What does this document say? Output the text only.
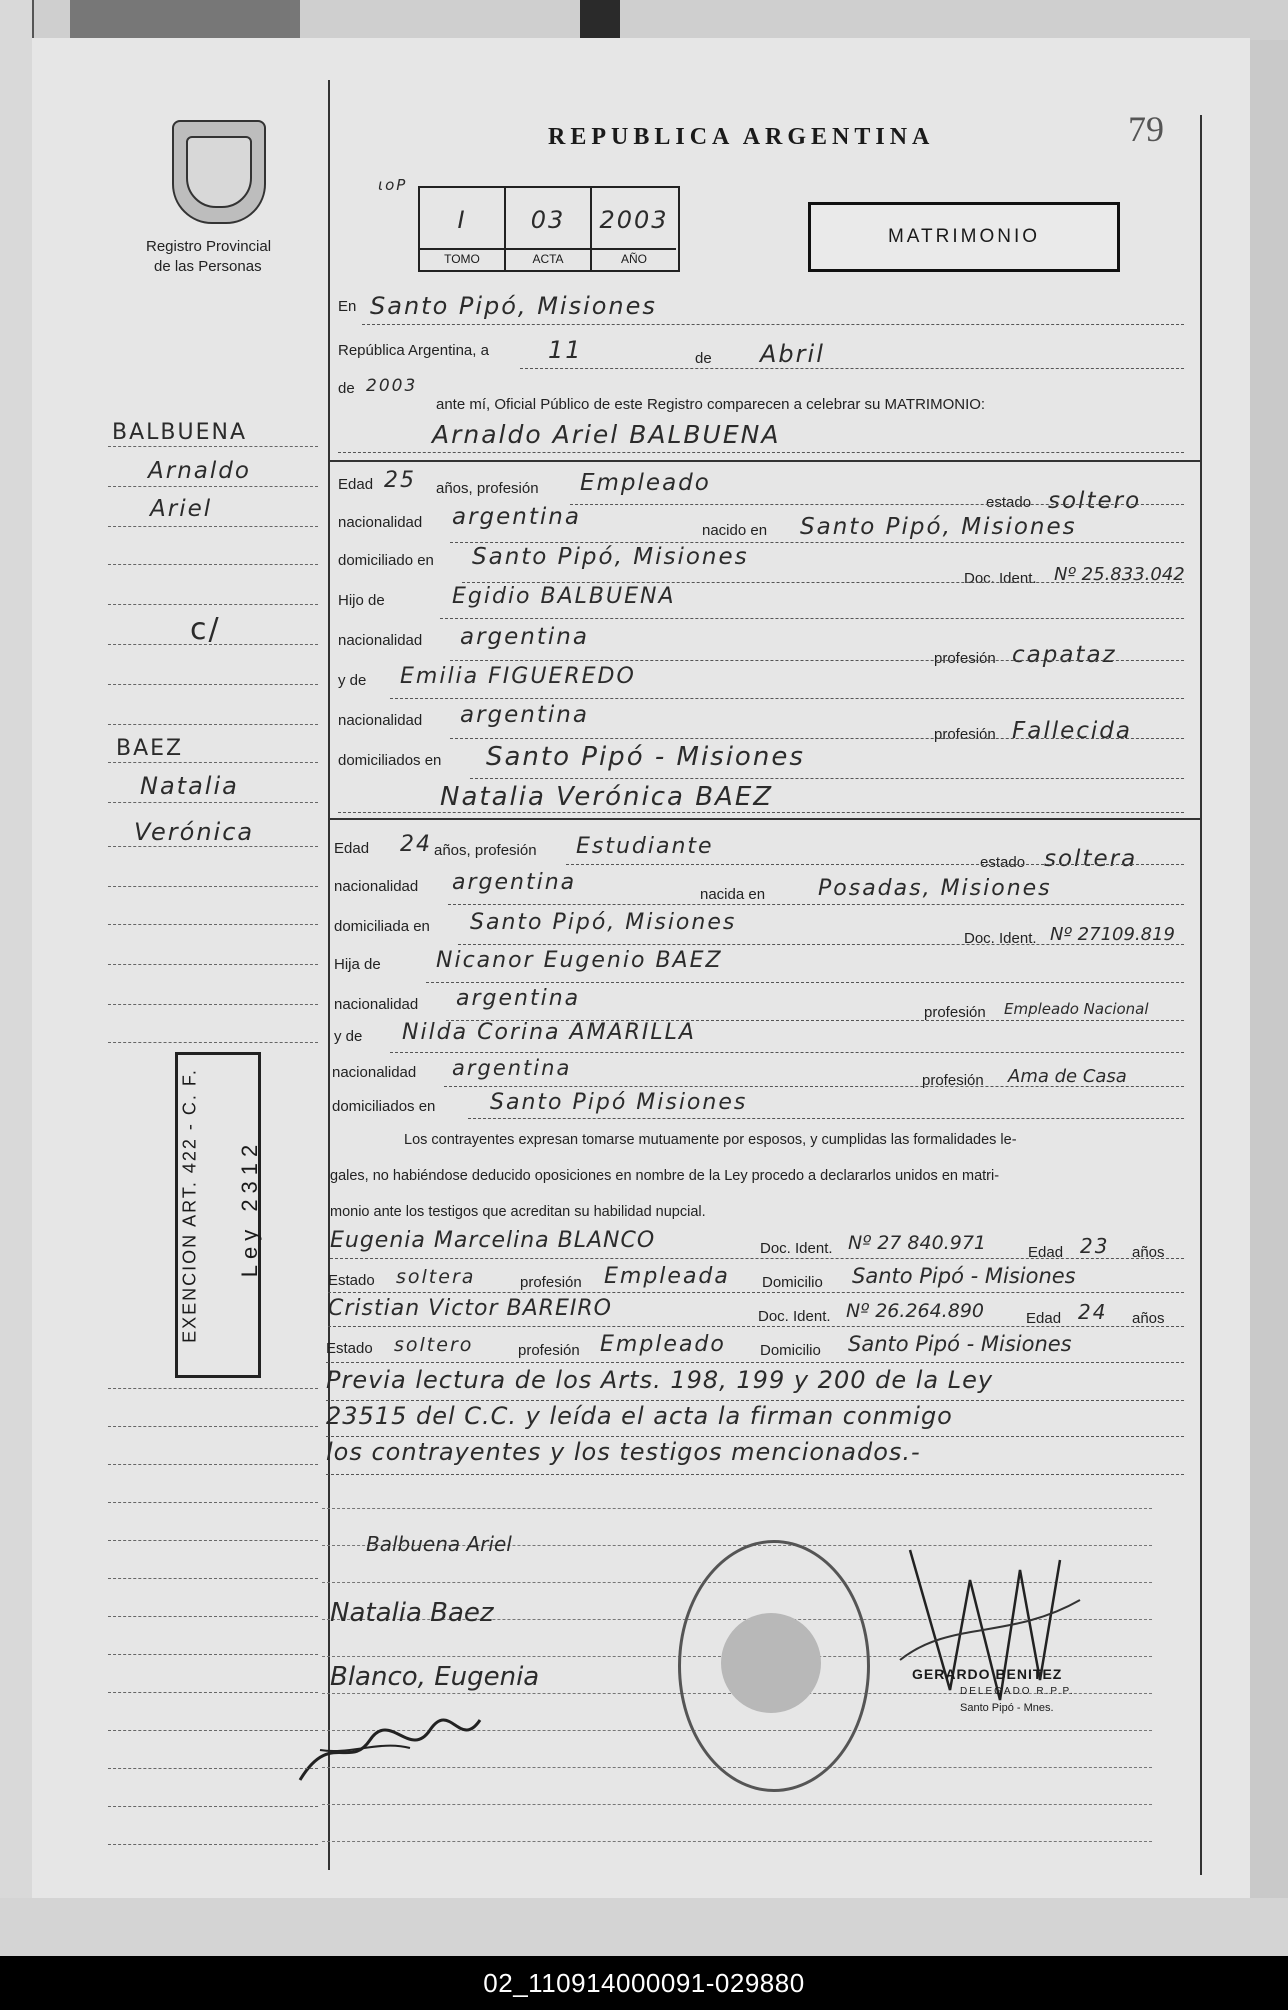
Registro Provincial
de las Personas
REPUBLICA ARGENTINA	79
ιoP
I
TOMO
03
ACTA
2003
AÑO
MATRIMONIO
En Santo Pipó, Misiones
República Argentina, a 11	de Abril
de 2003
ante mí, Oficial Público de este Registro comparecen a celebrar su MATRIMONIO:
Arnaldo Ariel BALBUENA
Edad 25 años, profesión Empleado
estado soltero
nacionalidad argentina
nacido en Santo Pipó, Misiones
domiciliado en Santo Pipó, Misiones
Doc. Ident. Nº 25.833.042
Hijo de	Egidio BALBUENA
nacionalidad argentina
profesión capataz
y de Emilia FIGUEREDO
nacionalidad argentina
profesión Fallecida
domiciliados en Santo Pipó - Misiones
Natalia Verónica BAEZ
Edad 24 años, profesión Estudiante
estado soltera
nacionalidad argentina	nacida en Posadas, Misiones
domiciliada en Santo Pipó, Misiones
Doc. Ident. Nº 27109.819
Hija de	Nicanor Eugenio BAEZ
nacionalidad argentina
profesión Empleado Nacional
y de Nilda Corina AMARILLA
nacionalidad argentina
profesión Ama de Casa
domiciliados en Santo Pipó Misiones
Los contrayentes expresan tomarse mutuamente por esposos, y cumplidas las formalidades le-
gales, no habiéndose deducido oposiciones en nombre de la Ley procedo a declararlos unidos en matri-
monio ante los testigos que acreditan su habilidad nupcial.
Eugenia Marcelina BLANCO	Doc. Ident. Nº 27 840.971	Edad 23 años
Estado soltera	profesión Empleada Domicilio Santo Pipó - Misiones
Cristian Victor BAREIRO	Doc. Ident. Nº 26.264.890	Edad 24 años
Estado soltero	profesión Empleado Domicilio Santo Pipó - Misiones
Previa lectura de los Arts. 198, 199 y 200 de la Ley
23515 del C.C. y leída el acta la firman conmigo
los contrayentes y los testigos mencionados.-
Balbuena Ariel
Natalia Baez
Blanco, Eugenia	GERARDO BENITEZ
DELEGADO R.P.P.
Santo Pipó - Mnes.
BALBUENA
Arnaldo
Ariel
c/
BAEZ
Natalia
Verónica
Ley 2312
EXENCION ART. 422 - C. F.
02_110914000091-029880
